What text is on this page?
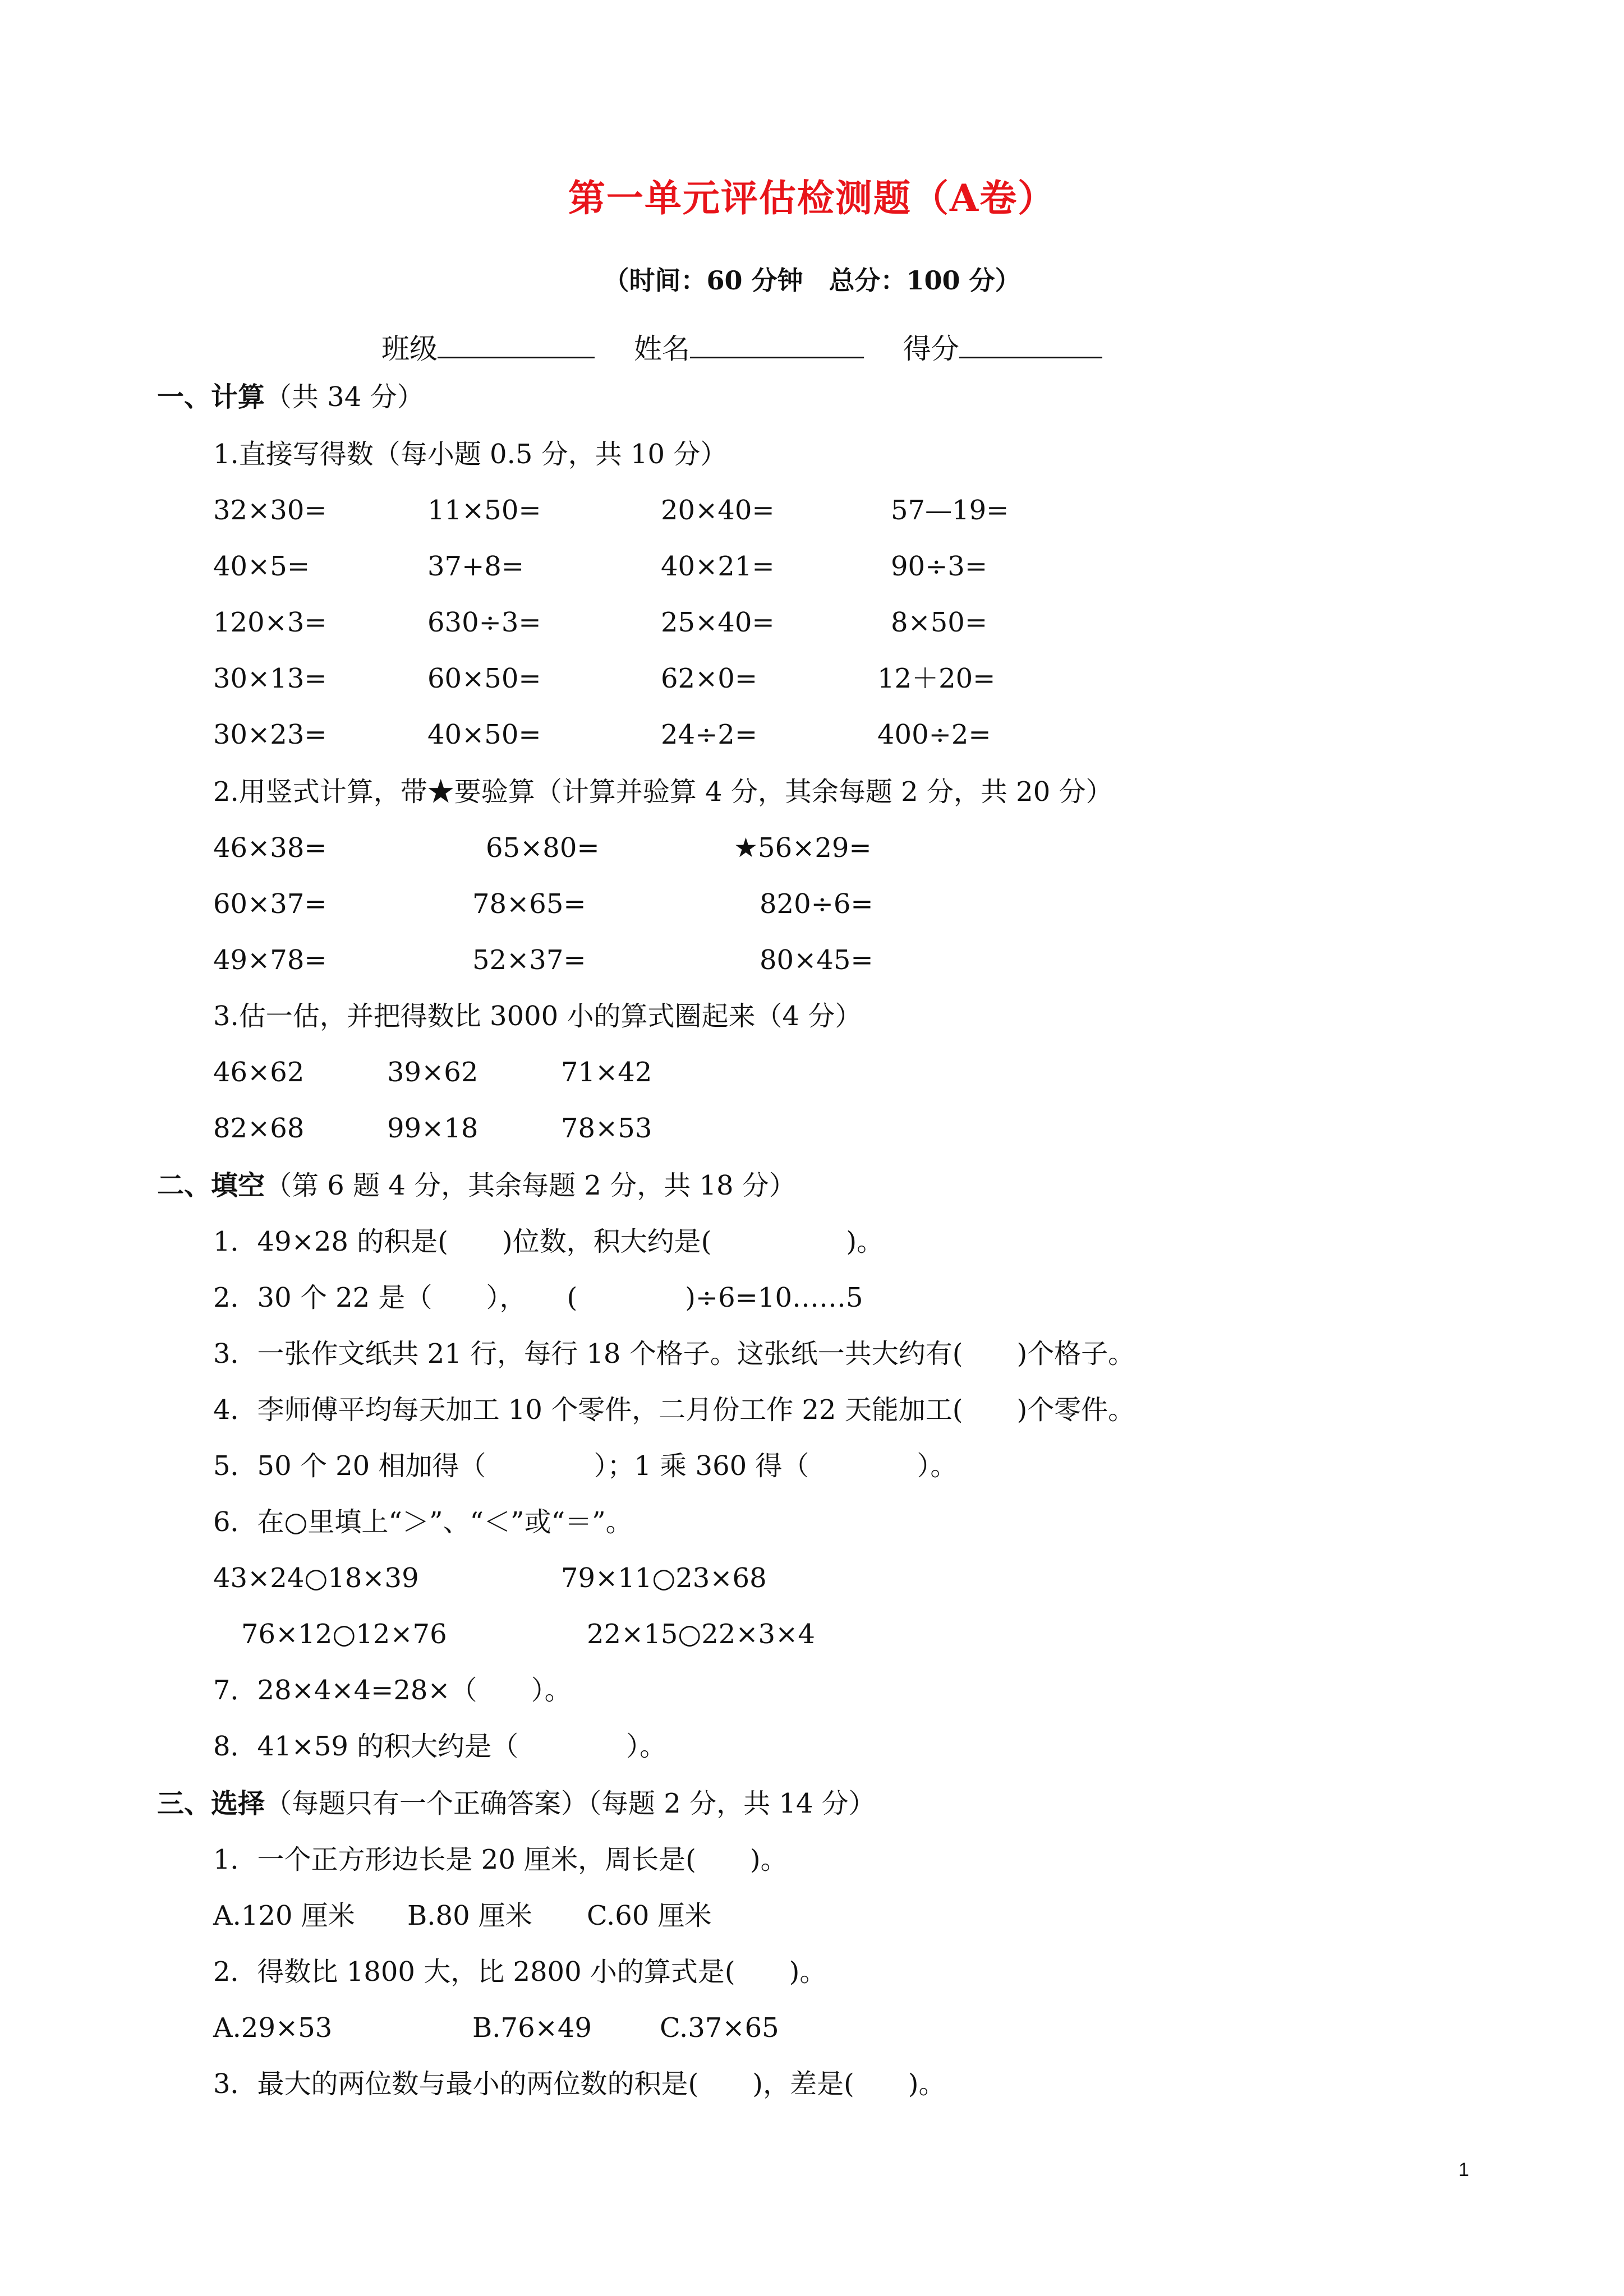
第一单元评估检测题（A卷）
（时间：60 分钟　总分：100 分）
班级	姓名	得分
一、计算（共 34 分）
1.直接写得数（每小题 0.5 分，共 10 分）
32×30=	11×50=	20×40=	57—19=
40×5=	37+8=	40×21=	90÷3=
120×3=	630÷3=	25×40=	8×50=
30×13=	60×50=	62×0=	12＋20=
30×23=	40×50=	24÷2=	400÷2=
2.用竖式计算，带★要验算（计算并验算 4 分，其余每题 2 分，共 20 分）
46×38=	65×80=	★56×29=
60×37=	78×65=	820÷6=
49×78=	52×37=	80×45=
3.估一估，并把得数比 3000 小的算式圈起来（4 分）
46×62	39×62	71×42
82×68	99×18	78×53
二、填空（第 6 题 4 分，其余每题 2 分，共 18 分）
1．49×28 的积是(　　)位数，积大约是(　　　　　)。
2．30 个 22 是（　　），　　(　　　　)÷6=10……5
3．一张作文纸共 21 行，每行 18 个格子。这张纸一共大约有(　　)个格子。
4．李师傅平均每天加工 10 个零件，二月份工作 22 天能加工(　　)个零件。
5．50 个 20 相加得（　　　　）；1 乘 360 得（　　　　）。
6．在○里填上“＞”、“＜”或“＝”。
43×24○18×39	79×11○23×68
76×12○12×76	22×15○22×3×4
7．28×4×4=28×（　　）。
8．41×59 的积大约是（　　　　）。
三、选择（每题只有一个正确答案）（每题 2 分，共 14 分）
1．一个正方形边长是 20 厘米，周长是(　　)。
A.120 厘米 B.80 厘米 C.60 厘米
2．得数比 1800 大，比 2800 小的算式是(　　)。
A.29×53	B.76×49	C.37×65
3．最大的两位数与最小的两位数的积是(　　)，差是(　　)。
1
